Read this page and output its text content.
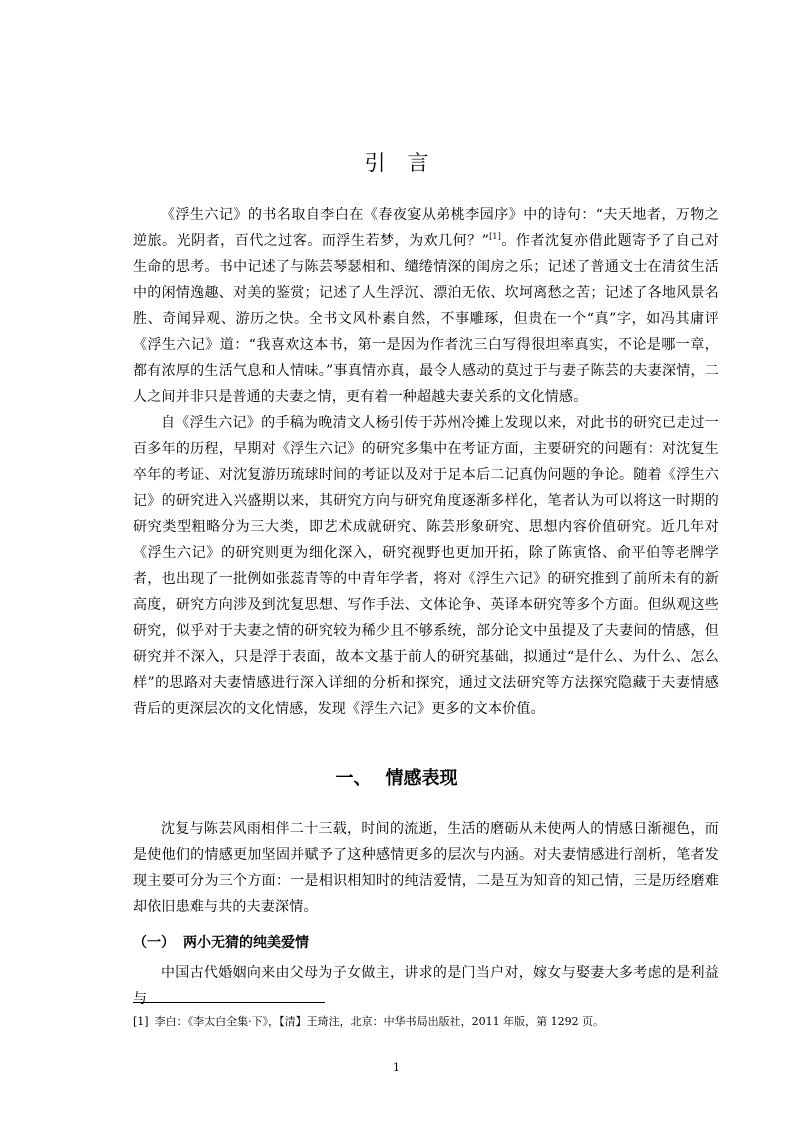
引言

《浮生六记》的书名取自李白在《春夜宴从弟桃李园序》中的诗句：“夫天地者，万物之逆旅。光阴者，百代之过客。而浮生若梦，为欢几何？”[1]。作者沈复亦借此题寄予了自己对生命的思考。书中记述了与陈芸琴瑟相和、缱绻情深的闺房之乐；记述了普通文士在清贫生活中的闲情逸趣、对美的鉴赏；记述了人生浮沉、漂泊无依、坎坷离愁之苦；记述了各地风景名胜、奇闻异观、游历之快。全书文风朴素自然，不事雕琢，但贵在一个“真”字，如冯其庸评《浮生六记》道：“我喜欢这本书，第一是因为作者沈三白写得很坦率真实，不论是哪一章，都有浓厚的生活气息和人情味。”事真情亦真，最令人感动的莫过于与妻子陈芸的夫妻深情，二人之间并非只是普通的夫妻之情，更有着一种超越夫妻关系的文化情感。

自《浮生六记》的手稿为晚清文人杨引传于苏州冷摊上发现以来，对此书的研究已走过一百多年的历程，早期对《浮生六记》的研究多集中在考证方面，主要研究的问题有：对沈复生卒年的考证、对沈复游历琉球时间的考证以及对于足本后二记真伪问题的争论。随着《浮生六记》的研究进入兴盛期以来，其研究方向与研究角度逐渐多样化，笔者认为可以将这一时期的研究类型粗略分为三大类，即艺术成就研究、陈芸形象研究、思想内容价值研究。近几年对《浮生六记》的研究则更为细化深入，研究视野也更加开拓，除了陈寅恪、俞平伯等老牌学者，也出现了一批例如张蕊青等的中青年学者，将对《浮生六记》的研究推到了前所未有的新高度，研究方向涉及到沈复思想、写作手法、文体论争、英译本研究等多个方面。但纵观这些研究，似乎对于夫妻之情的研究较为稀少且不够系统，部分论文中虽提及了夫妻间的情感，但研究并不深入，只是浮于表面，故本文基于前人的研究基础，拟通过“是什么、为什么、怎么样”的思路对夫妻情感进行深入详细的分析和探究，通过文法研究等方法探究隐藏于夫妻情感背后的更深层次的文化情感，发现《浮生六记》更多的文本价值。

一、 情感表现

沈复与陈芸风雨相伴二十三载，时间的流逝，生活的磨砺从未使两人的情感日渐褪色，而是使他们的情感更加坚固并赋予了这种感情更多的层次与内涵。对夫妻情感进行剖析，笔者发现主要可分为三个方面：一是相识相知时的纯洁爱情，二是互为知音的知己情，三是历经磨难却依旧患难与共的夫妻深情。

（一） 两小无猜的纯美爱情

中国古代婚姻向来由父母为子女做主，讲求的是门当户对，嫁女与娶妻大多考虑的是利益与

[1] 李白：《李太白全集·下》，【清】王琦注，北京：中华书局出版社，2011 年版，第 1292 页。
1
